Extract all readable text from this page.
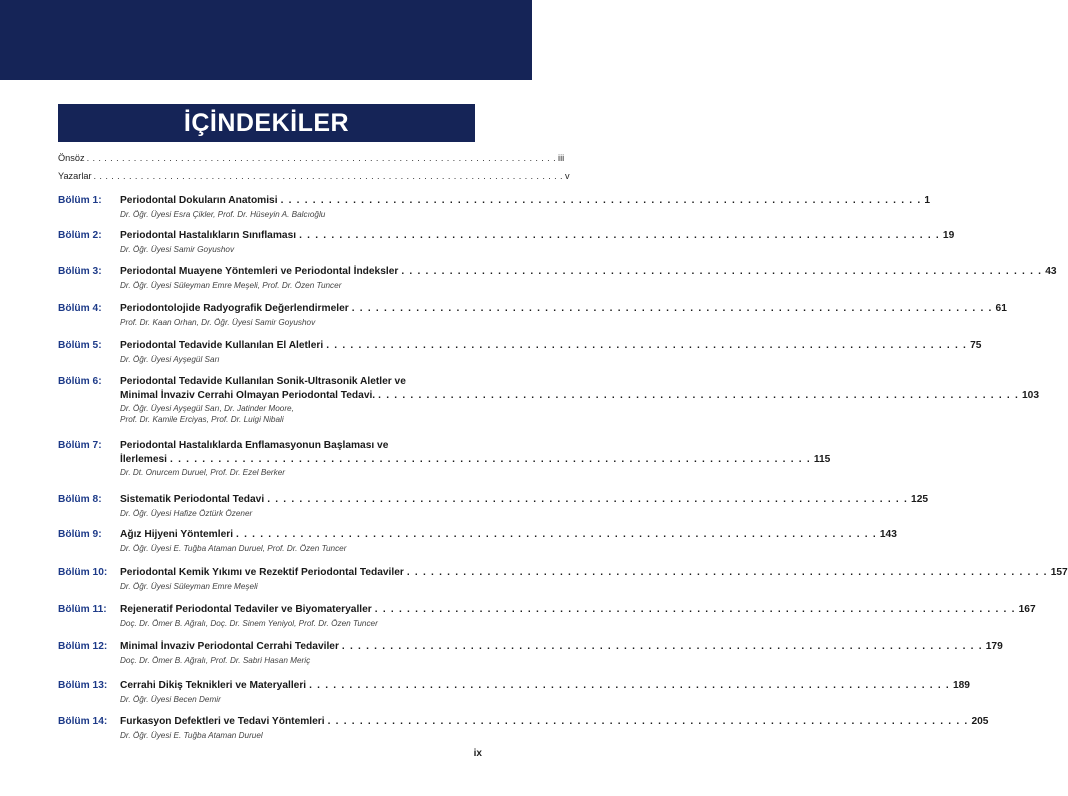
İÇİNDEKİLER
Önsöz . . . . . . . . . . . . . . . . . . . . . . . . . . . . . . . . . . . . . . . . . . . . . . . . . . . . . . . . . . . . . . . . . . . . . . . . . . . . . . . . iii
Yazarlar . . . . . . . . . . . . . . . . . . . . . . . . . . . . . . . . . . . . . . . . . . . . . . . . . . . . . . . . . . . . . . . . . . . . . . . . . . . . . . . . v
Bölüm 1:	Periodontal Dokuların Anatomisi . . . . . . . . . . . . . . . . . . . . . . . . . . . . . . . . . . . . . . . . . . . . . . . . . . . . . . . . . . . . . . . . . . . . . . . . . . . . . . . . 1
Dr. Öğr. Üyesi Esra Çikler, Prof. Dr. Hüseyin A. Balcıoğlu
Bölüm 2:	Periodontal Hastalıkların Sınıflaması . . . . . . . . . . . . . . . . . . . . . . . . . . . . . . . . . . . . . . . . . . . . . . . . . . . . . . . . . . . . . . . . . . . . . . . . . . . . . . . . 19
Dr. Öğr. Üyesi Samir Goyushov
Bölüm 3:	Periodontal Muayene Yöntemleri ve Periodontal İndeksler . . . . . . . . . . . . . . . . . . . . . . . . . . . . . . . . . . . . . . . . . . . . . . . . . . . . . . . . . . . . . . . . . . . . . . . . . . . . . . . . 43
Dr. Öğr. Üyesi Süleyman Emre Meşeli, Prof. Dr. Özen Tuncer
Bölüm 4:	Periodontolojide Radyografik Değerlendirmeler . . . . . . . . . . . . . . . . . . . . . . . . . . . . . . . . . . . . . . . . . . . . . . . . . . . . . . . . . . . . . . . . . . . . . . . . . . . . . . . . 61
Prof. Dr. Kaan Orhan, Dr. Öğr. Üyesi Samir Goyushov
Bölüm 5:	Periodontal Tedavide Kullanılan El Aletleri . . . . . . . . . . . . . . . . . . . . . . . . . . . . . . . . . . . . . . . . . . . . . . . . . . . . . . . . . . . . . . . . . . . . . . . . . . . . . . . . 75
Dr. Öğr. Üyesi Ayşegül Sarı
Bölüm 6:	Periodontal Tedavide Kullanılan Sonik-Ultrasonik Aletler ve
Minimal İnvaziv Cerrahi Olmayan Periodontal Tedavi. . . . . . . . . . . . . . . . . . . . . . . . . . . . . . . . . . . . . . . . . . . . . . . . . . . . . . . . . . . . . . . . . . . . . . . . . . . . . . . . . 103
Dr. Öğr. Üyesi Ayşegül Sarı, Dr. Jatinder Moore,
Prof. Dr. Kamile Erciyas, Prof. Dr. Luigi Nibali
Bölüm 7:	Periodontal Hastalıklarda Enflamasyonun Başlaması ve
İlerlemesi . . . . . . . . . . . . . . . . . . . . . . . . . . . . . . . . . . . . . . . . . . . . . . . . . . . . . . . . . . . . . . . . . . . . . . . . . . . . . . . . 115
Dr. Dt. Onurcem Duruel, Prof. Dr. Ezel Berker
Bölüm 8:	Sistematik Periodontal Tedavi . . . . . . . . . . . . . . . . . . . . . . . . . . . . . . . . . . . . . . . . . . . . . . . . . . . . . . . . . . . . . . . . . . . . . . . . . . . . . . . . 125
Dr. Öğr. Üyesi Hafize Öztürk Özener
Bölüm 9:	Ağız Hijyeni Yöntemleri . . . . . . . . . . . . . . . . . . . . . . . . . . . . . . . . . . . . . . . . . . . . . . . . . . . . . . . . . . . . . . . . . . . . . . . . . . . . . . . . 143
Dr. Öğr. Üyesi E. Tuğba Ataman Duruel, Prof. Dr. Özen Tuncer
Bölüm 10:	Periodontal Kemik Yıkımı ve Rezektif Periodontal Tedaviler . . . . . . . . . . . . . . . . . . . . . . . . . . . . . . . . . . . . . . . . . . . . . . . . . . . . . . . . . . . . . . . . . . . . . . . . . . . . . . . . 157
Dr. Öğr. Üyesi Süleyman Emre Meşeli
Bölüm 11:	Rejeneratif Periodontal Tedaviler ve Biyomateryaller . . . . . . . . . . . . . . . . . . . . . . . . . . . . . . . . . . . . . . . . . . . . . . . . . . . . . . . . . . . . . . . . . . . . . . . . . . . . . . . . 167
Doç. Dr. Ömer B. Ağralı, Doç. Dr. Sinem Yeniyol, Prof. Dr. Özen Tuncer
Bölüm 12:	Minimal İnvaziv Periodontal Cerrahi Tedaviler . . . . . . . . . . . . . . . . . . . . . . . . . . . . . . . . . . . . . . . . . . . . . . . . . . . . . . . . . . . . . . . . . . . . . . . . . . . . . . . . 179
Doç. Dr. Ömer B. Ağralı, Prof. Dr. Sabri Hasan Meriç
Bölüm 13:	Cerrahi Dikiş Teknikleri ve Materyalleri . . . . . . . . . . . . . . . . . . . . . . . . . . . . . . . . . . . . . . . . . . . . . . . . . . . . . . . . . . . . . . . . . . . . . . . . . . . . . . . . 189
Dr. Öğr. Üyesi Becen Demir
Bölüm 14:	Furkasyon Defektleri ve Tedavi Yöntemleri . . . . . . . . . . . . . . . . . . . . . . . . . . . . . . . . . . . . . . . . . . . . . . . . . . . . . . . . . . . . . . . . . . . . . . . . . . . . . . . . 205
Dr. Öğr. Üyesi E. Tuğba Ataman Duruel
ix
